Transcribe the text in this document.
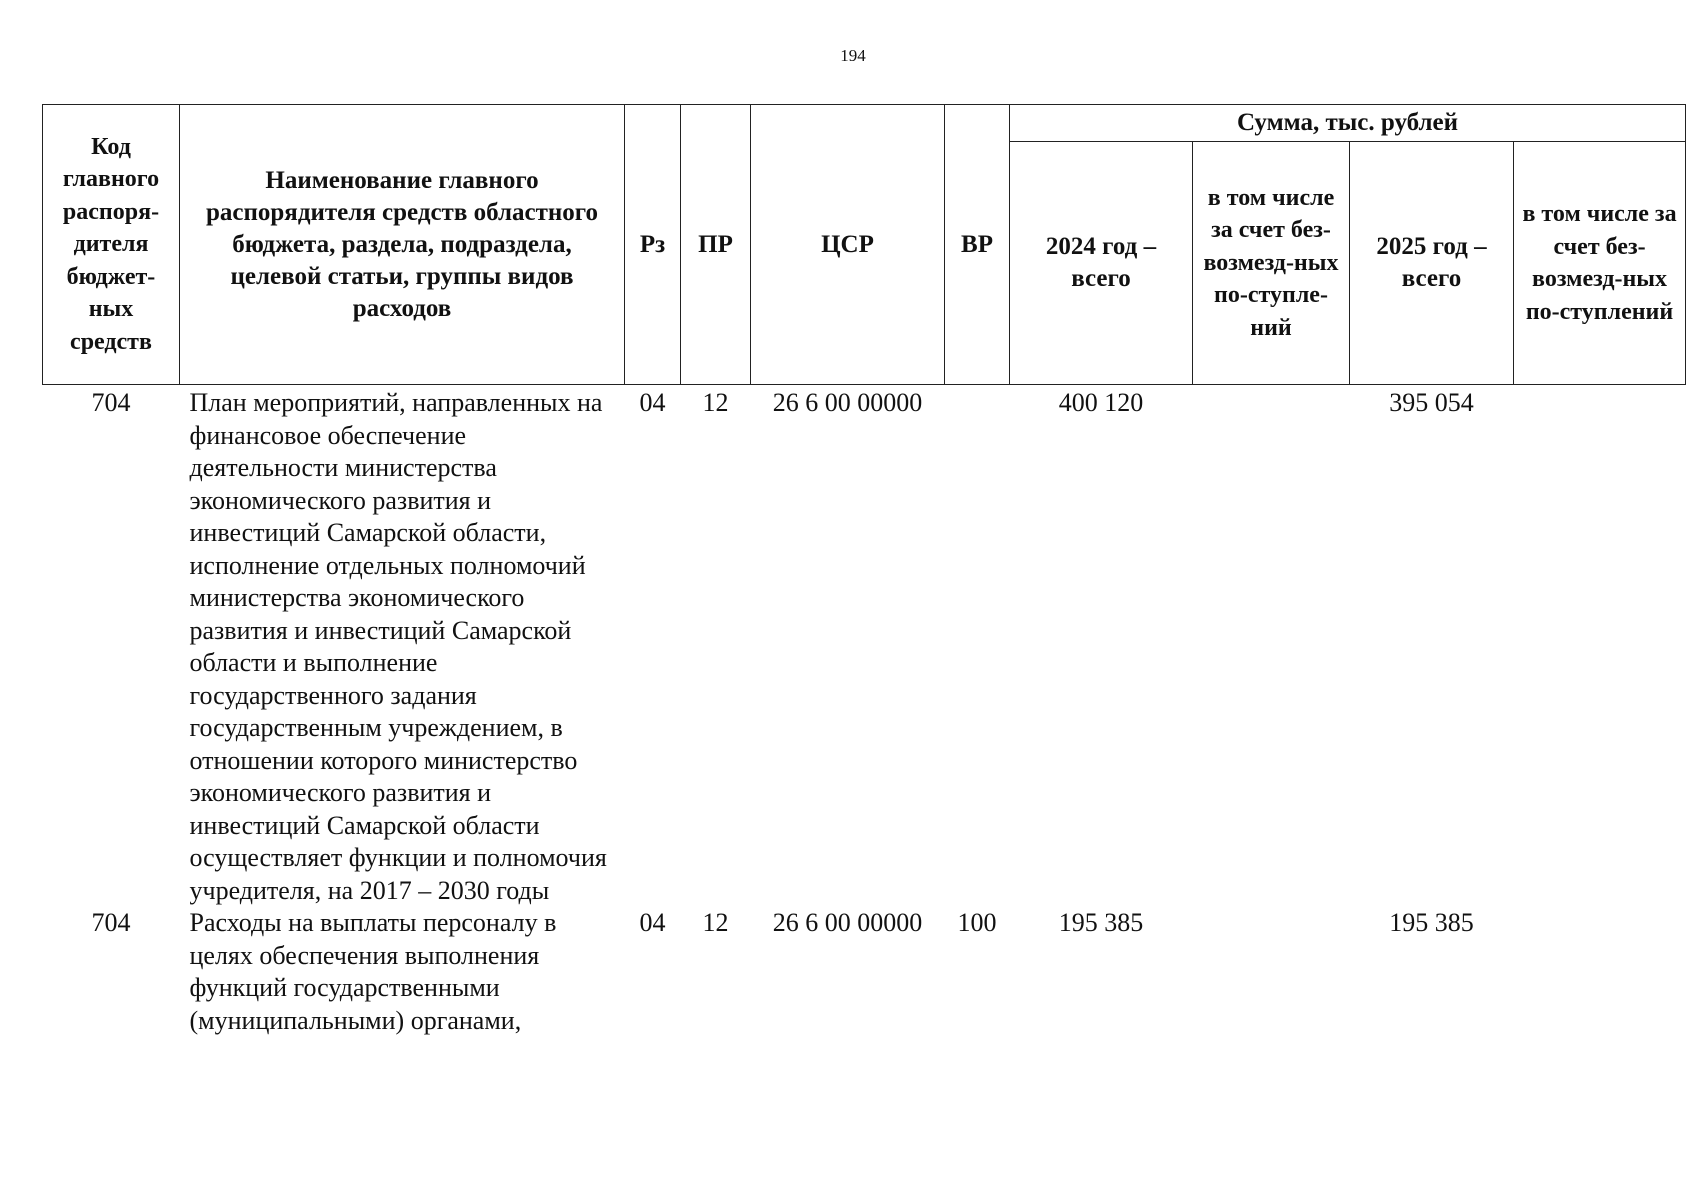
194
Код главного распоря-дителя бюджет-ных средств	Наименование главного распорядителя средств областного бюджета, раздела, подраздела, целевой статьи, группы видов расходов	Рз	ПР	ЦСР	ВР	Сумма, тыс. рублей			
						2024 год – всего	в том числе за счет без-возмезд-ных по-ступле-ний	2025 год – всего	в том числе за счет без-возмезд-ных по-ступлений
704	План мероприятий, направленных на финансовое обеспечение деятельности министерства экономического развития и инвестиций Самарской области, исполнение отдельных полномочий министерства экономического развития и инвестиций Самарской области и выполнение государственного задания государственным учреждением, в отношении которого министерство экономического развития и инвестиций Самарской области осуществляет функции и полномочия учредителя, на 2017 – 2030 годы	04	12	26 6 00 00000		400 120		395 054	
704	Расходы на выплаты персоналу в целях обеспечения выполнения функций государственными (муниципальными) органами,	04	12	26 6 00 00000	100	195 385		195 385	
